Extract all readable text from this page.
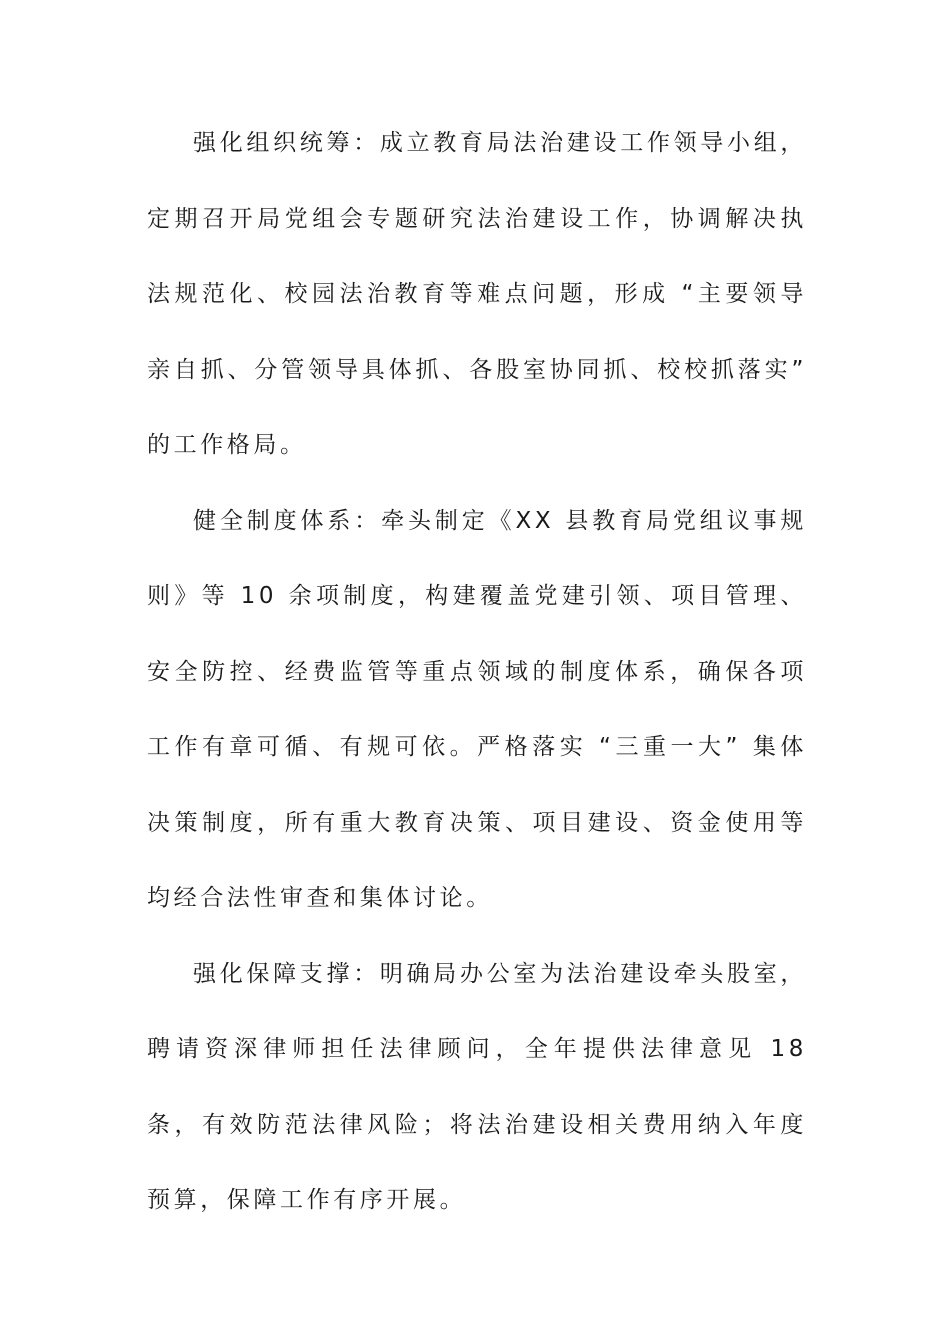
强化组织统筹：成立教育局法治建设工作领导小组，定期召开局党组会专题研究法治建设工作，协调解决执法规范化、校园法治教育等难点问题，形成 “主要领导亲自抓、分管领导具体抓、各股室协同抓、校校抓落实” 的工作格局。

健全制度体系：牵头制定《XX 县教育局党组议事规则》等 10 余项制度，构建覆盖党建引领、项目管理、安全防控、经费监管等重点领域的制度体系，确保各项工作有章可循、有规可依。严格落实 “三重一大” 集体决策制度，所有重大教育决策、项目建设、资金使用等均经合法性审查和集体讨论。

强化保障支撑：明确局办公室为法治建设牵头股室，聘请资深律师担任法律顾问，全年提供法律意见 18 条，有效防范法律风险；将法治建设相关费用纳入年度预算，保障工作有序开展。
